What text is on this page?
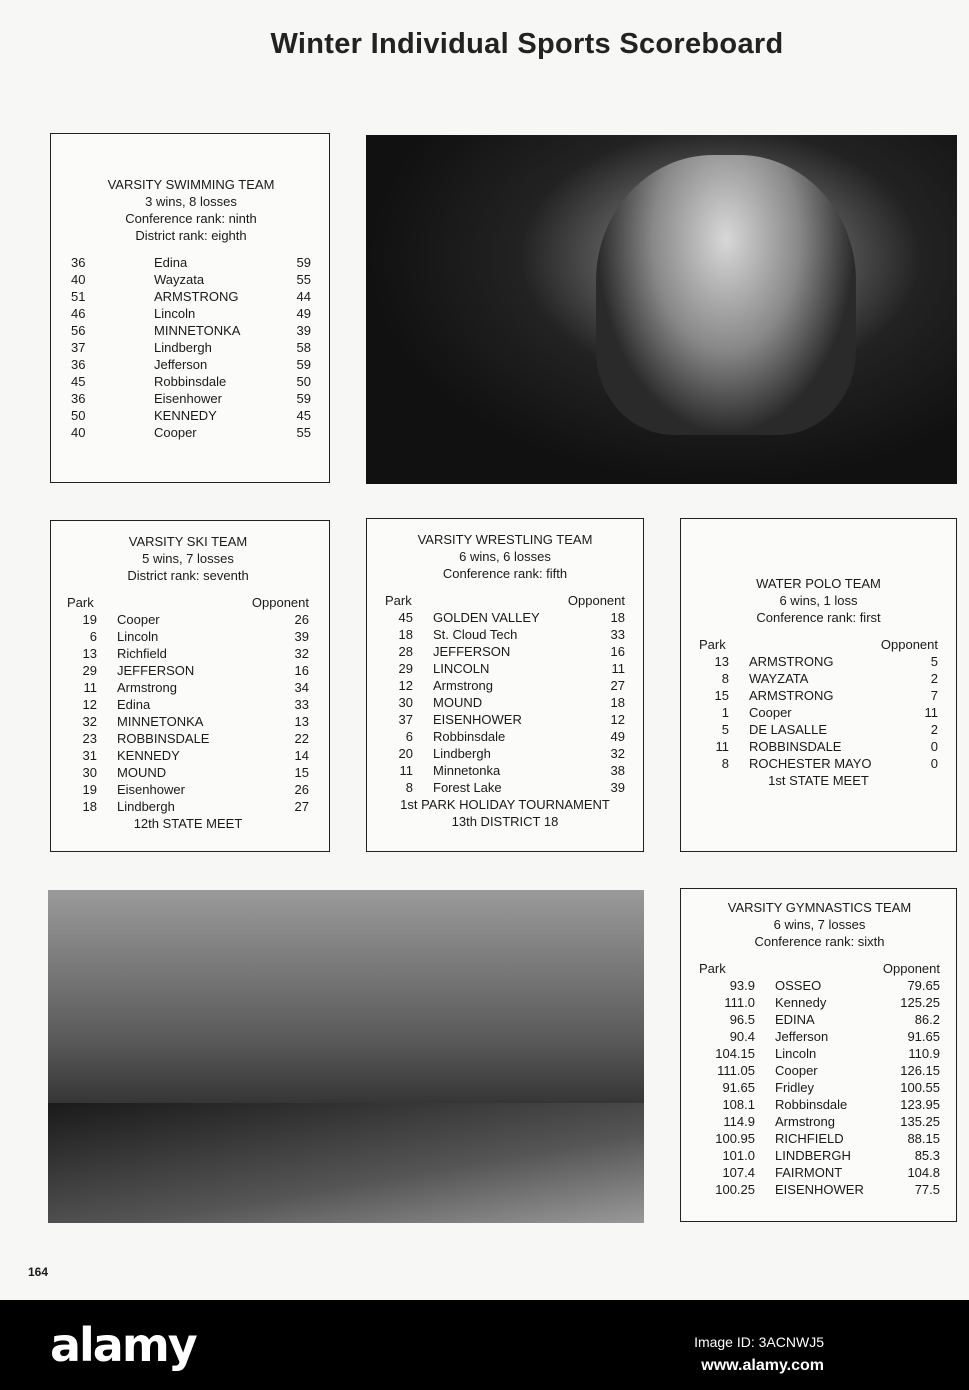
Winter Individual Sports Scoreboard
VARSITY SWIMMING TEAM
3 wins, 8 losses
Conference rank: ninth
District rank: eighth
36	Edina	59
40	Wayzata	55
51	ARMSTRONG	44
46	Lincoln	49
56	MINNETONKA	39
37	Lindbergh	58
36	Jefferson	59
45	Robbinsdale	50
36	Eisenhower	59
50	KENNEDY	45
40	Cooper	55
VARSITY SKI TEAM
5 wins, 7 losses
District rank: seventh
Park	Opponent
19	Cooper	26
6	Lincoln	39
13	Richfield	32
29	JEFFERSON	16
11	Armstrong	34
12	Edina	33
32	MINNETONKA	13
23	ROBBINSDALE	22
31	KENNEDY	14
30	MOUND	15
19	Eisenhower	26
18	Lindbergh	27
12th STATE MEET
VARSITY WRESTLING TEAM
6 wins, 6 losses
Conference rank: fifth
Park	Opponent
45	GOLDEN VALLEY	18
18	St. Cloud Tech	33
28	JEFFERSON	16
29	LINCOLN	11
12	Armstrong	27
30	MOUND	18
37	EISENHOWER	12
6	Robbinsdale	49
20	Lindbergh	32
11	Minnetonka	38
8	Forest Lake	39
1st PARK HOLIDAY TOURNAMENT
13th DISTRICT 18
WATER POLO TEAM
6 wins, 1 loss
Conference rank: first
Park	Opponent
13	ARMSTRONG	5
8	WAYZATA	2
15	ARMSTRONG	7
1	Cooper	11
5	DE LASALLE	2
11	ROBBINSDALE	0
8	ROCHESTER MAYO	0
1st STATE MEET
VARSITY GYMNASTICS TEAM
6 wins, 7 losses
Conference rank: sixth
Park	Opponent
93.9	OSSEO	79.65
111.0	Kennedy	125.25
96.5	EDINA	86.2
90.4	Jefferson	91.65
104.15	Lincoln	110.9
111.05	Cooper	126.15
91.65	Fridley	100.55
108.1	Robbinsdale	123.95
114.9	Armstrong	135.25
100.95	RICHFIELD	88.15
101.0	LINDBERGH	85.3
107.4	FAIRMONT	104.8
100.25	EISENHOWER	77.5
164
alamy	Image ID: 3ACNWJ5
www.alamy.com
